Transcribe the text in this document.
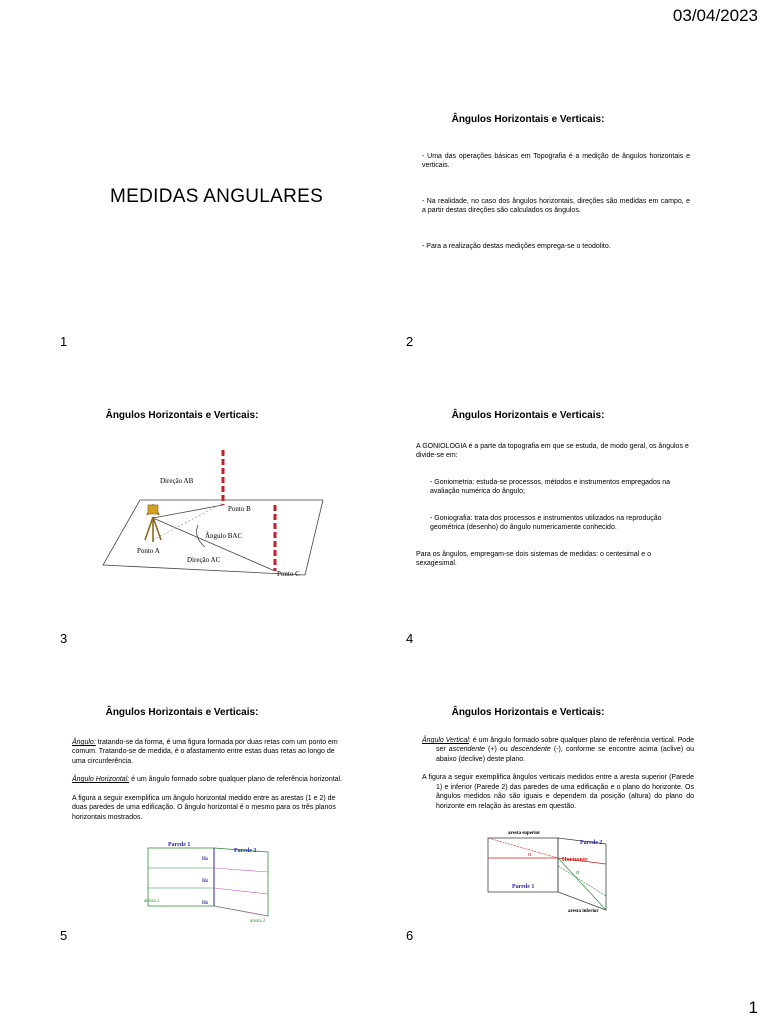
03/04/2023
MEDIDAS ANGULARES
1
Ângulos Horizontais e Verticais:
- Uma das operações básicas em Topografia é a medição de ângulos horizontais e verticais.
- Na realidade, no caso dos ângulos horizontais, direções são medidas em campo, e a partir destas direções são calculados os ângulos.
- Para a realização destas medições emprega-se o teodolito.
2
Ângulos Horizontais e Verticais:
Direção AB
Ponto B
Ângulo BAC
Ponto A
Direção AC
Ponto C
3
Ângulos Horizontais e Verticais:
A GONIOLOGIA é a parte da topografia em que se estuda, de modo geral, os ângulos e divide-se em:
- Goniometria: estuda-se processos, métodos e instrumentos empregados na avaliação numérica do ângulo;
- Goniografia: trata dos processos e instrumentos utilizados na reprodução geométrica (desenho) do ângulo numericamente conhecido.
Para os ângulos, empregam-se dois sistemas de medidas: o centesimal e o sexagesimal.
4
Ângulos Horizontais e Verticais:

Ângulo: tratando-se da forma, é uma figura formada por duas retas com um ponto em comum. Tratando-se de medida, é o afastamento entre estas duas retas ao longo de uma circunferência.

Ângulo Horizontal: é um ângulo formado sobre qualquer plano de referência horizontal.

A figura a seguir exemplifica um ângulo horizontal medido entre as arestas (1 e 2) de duas paredes de uma edificação. O ângulo horizontal é o mesmo para os três planos horizontais mostrados.

Parede 1
Parede 2
Hz
Hz
Hz
aresta 1
aresta 2
5
Ângulos Horizontais e Verticais:

Ângulo Vertical: é um ângulo formado sobre qualquer plano de referência vertical. Pode ser ascendente (+) ou descendente (-), conforme se encontre acima (aclive) ou abaixo (declive) deste plano.

A figura a seguir exemplifica ângulos verticais medidos entre a aresta superior (Parede 1) e inferior (Parede 2) das paredes de uma edificação e o plano do horizonte. Os ângulos medidos não são iguais e dependem da posição (altura) do plano do horizonte em relação às arestas em questão.

aresta superior
Parede 2
α
Horizonte
α
Parede 1
aresta inferior
6
1
